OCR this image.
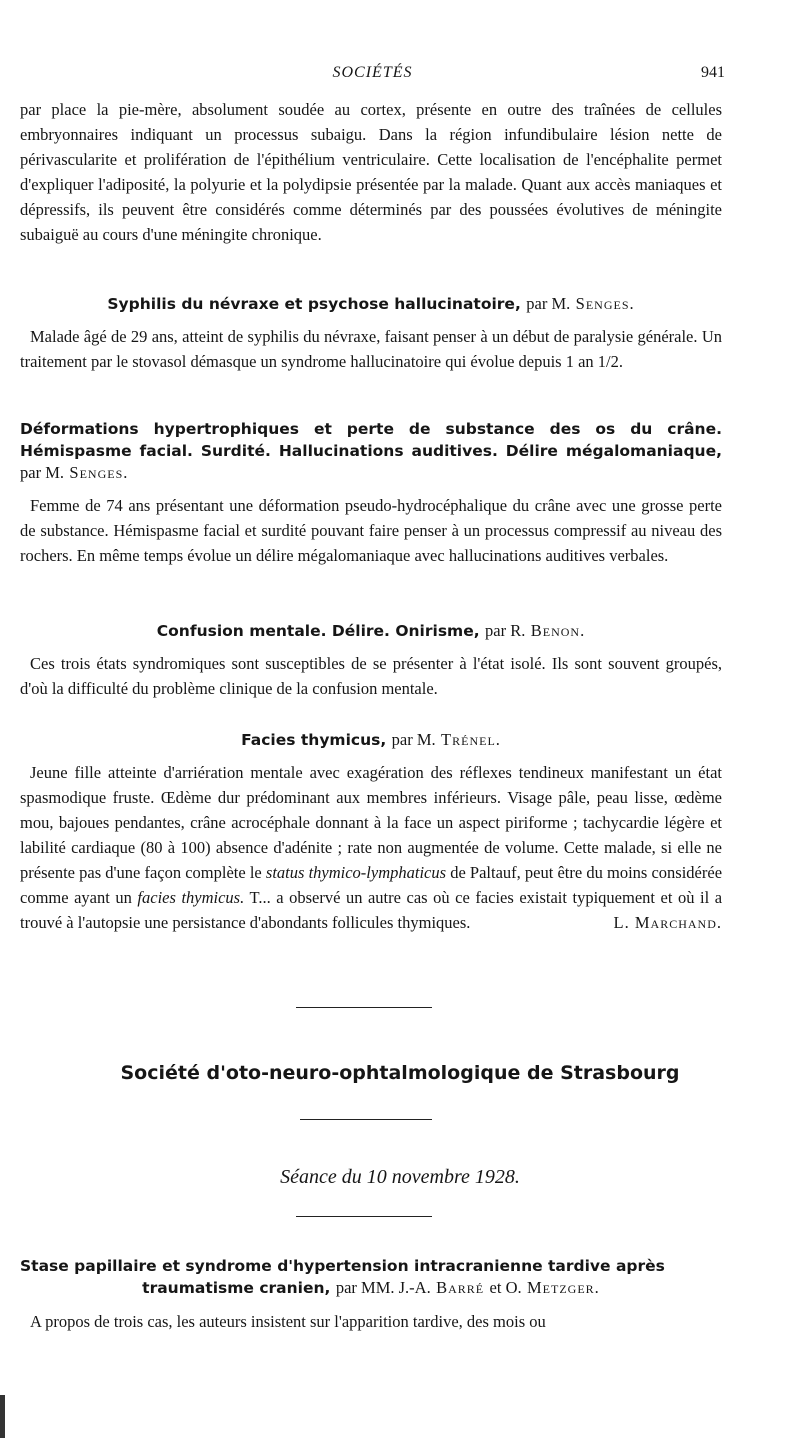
SOCIÉTÉS	941

par place la pie-mère, absolument soudée au cortex, présente en outre des traînées de cellules embryonnaires indiquant un processus subaigu. Dans la région infundibulaire lésion nette de périvascularite et prolifération de l'épithélium ventriculaire. Cette localisation de l'encéphalite permet d'expliquer l'adiposité, la polyurie et la polydipsie présentée par la malade. Quant aux accès maniaques et dépressifs, ils peuvent être considérés comme déterminés par des poussées évolutives de méningite subaiguë au cours d'une méningite chronique.

Syphilis du névraxe et psychose hallucinatoire, par M. Senges.

Malade âgé de 29 ans, atteint de syphilis du névraxe, faisant penser à un début de paralysie générale. Un traitement par le stovasol démasque un syndrome hallucinatoire qui évolue depuis 1 an 1/2.

Déformations hypertrophiques et perte de substance des os du crâne. Hémispasme facial. Surdité. Hallucinations auditives. Délire mégalomaniaque, par M. Senges.

Femme de 74 ans présentant une déformation pseudo-hydrocéphalique du crâne avec une grosse perte de substance. Hémispasme facial et surdité pouvant faire penser à un processus compressif au niveau des rochers. En même temps évolue un délire mégalomaniaque avec hallucinations auditives verbales.

Confusion mentale. Délire. Onirisme, par R. Benon.

Ces trois états syndromiques sont susceptibles de se présenter à l'état isolé. Ils sont souvent groupés, d'où la difficulté du problème clinique de la confusion mentale.

Facies thymicus, par M. Trénel.

Jeune fille atteinte d'arriération mentale avec exagération des réflexes tendineux manifestant un état spasmodique fruste. Œdème dur prédominant aux membres inférieurs. Visage pâle, peau lisse, œdème mou, bajoues pendantes, crâne acrocéphale donnant à la face un aspect piriforme ; tachycardie légère et labilité cardiaque (80 à 100) absence d'adénite ; rate non augmentée de volume. Cette malade, si elle ne présente pas d'une façon complète le status thymico-lymphaticus de Paltauf, peut être du moins considérée comme ayant un facies thymicus. T... a observé un autre cas où ce facies existait typiquement et où il a trouvé à l'autopsie une persistance d'abondants follicules thymiques.	L. Marchand.

Société d'oto-neuro-ophtalmologique de Strasbourg
Séance du 10 novembre 1928.
Stase papillaire et syndrome d'hypertension intracranienne tardive après
traumatisme cranien, par MM. J.-A. Barré et O. Metzger.

A propos de trois cas, les auteurs insistent sur l'apparition tardive, des mois ou
